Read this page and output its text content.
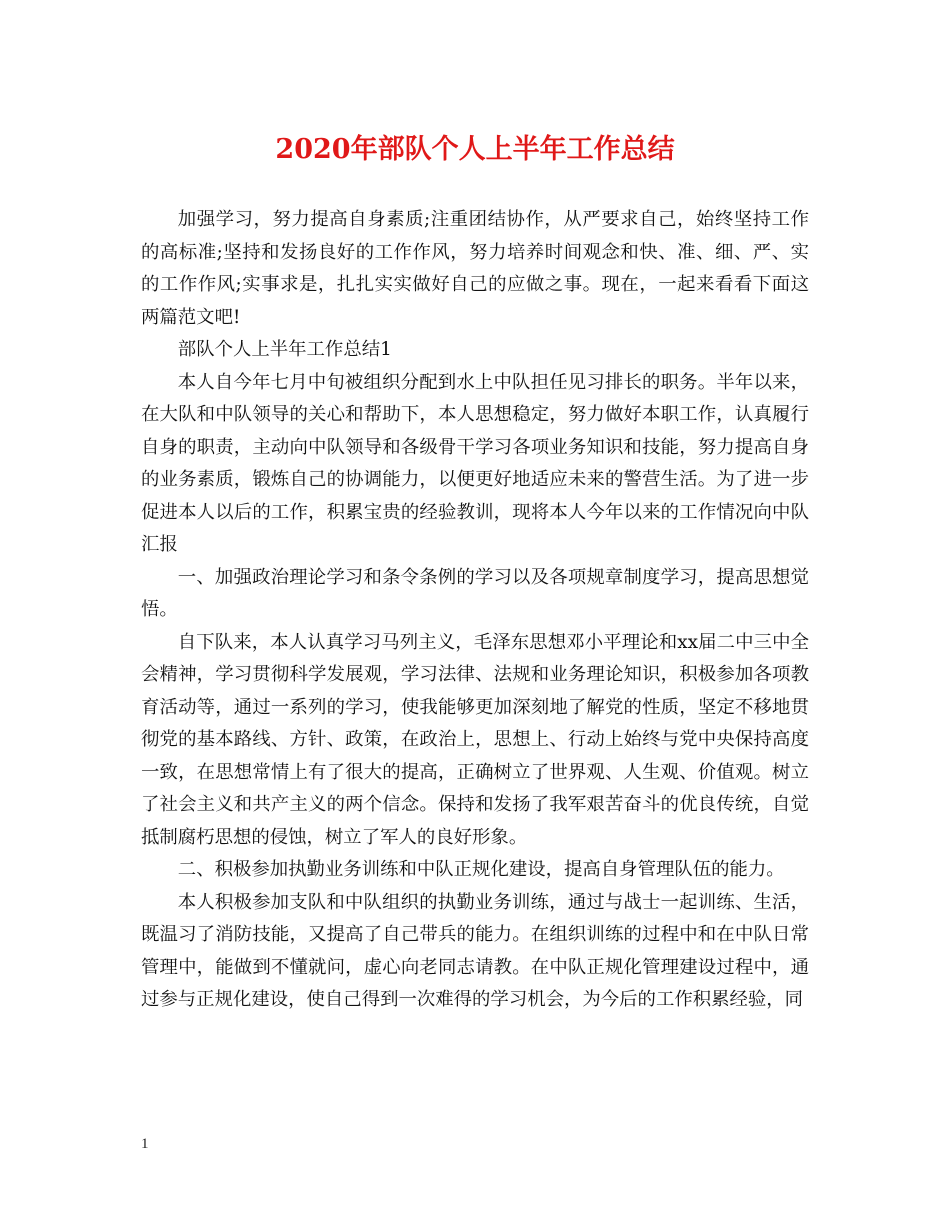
2020年部队个人上半年工作总结

加强学习，努力提高自身素质;注重团结协作，从严要求自己，始终坚持工作的高标准;坚持和发扬良好的工作作风，努力培养时间观念和快、准、细、严、实的工作作风;实事求是，扎扎实实做好自己的应做之事。现在，一起来看看下面这两篇范文吧!

部队个人上半年工作总结1

本人自今年七月中旬被组织分配到水上中队担任见习排长的职务。半年以来，在大队和中队领导的关心和帮助下，本人思想稳定，努力做好本职工作，认真履行自身的职责，主动向中队领导和各级骨干学习各项业务知识和技能，努力提高自身的业务素质，锻炼自己的协调能力，以便更好地适应未来的警营生活。为了进一步促进本人以后的工作，积累宝贵的经验教训，现将本人今年以来的工作情况向中队汇报

一、加强政治理论学习和条令条例的学习以及各项规章制度学习，提高思想觉悟。

自下队来，本人认真学习马列主义，毛泽东思想邓小平理论和xx届二中三中全会精神，学习贯彻科学发展观，学习法律、法规和业务理论知识，积极参加各项教育活动等，通过一系列的学习，使我能够更加深刻地了解党的性质，坚定不移地贯彻党的基本路线、方针、政策，在政治上，思想上、行动上始终与党中央保持高度一致，在思想常情上有了很大的提高，正确树立了世界观、人生观、价值观。树立了社会主义和共产主义的两个信念。保持和发扬了我军艰苦奋斗的优良传统，自觉抵制腐朽思想的侵蚀，树立了军人的良好形象。

二、积极参加执勤业务训练和中队正规化建设，提高自身管理队伍的能力。

本人积极参加支队和中队组织的执勤业务训练，通过与战士一起训练、生活，既温习了消防技能，又提高了自己带兵的能力。在组织训练的过程中和在中队日常管理中，能做到不懂就问，虚心向老同志请教。在中队正规化管理建设过程中，通过参与正规化建设，使自己得到一次难得的学习机会，为今后的工作积累经验，同

1
